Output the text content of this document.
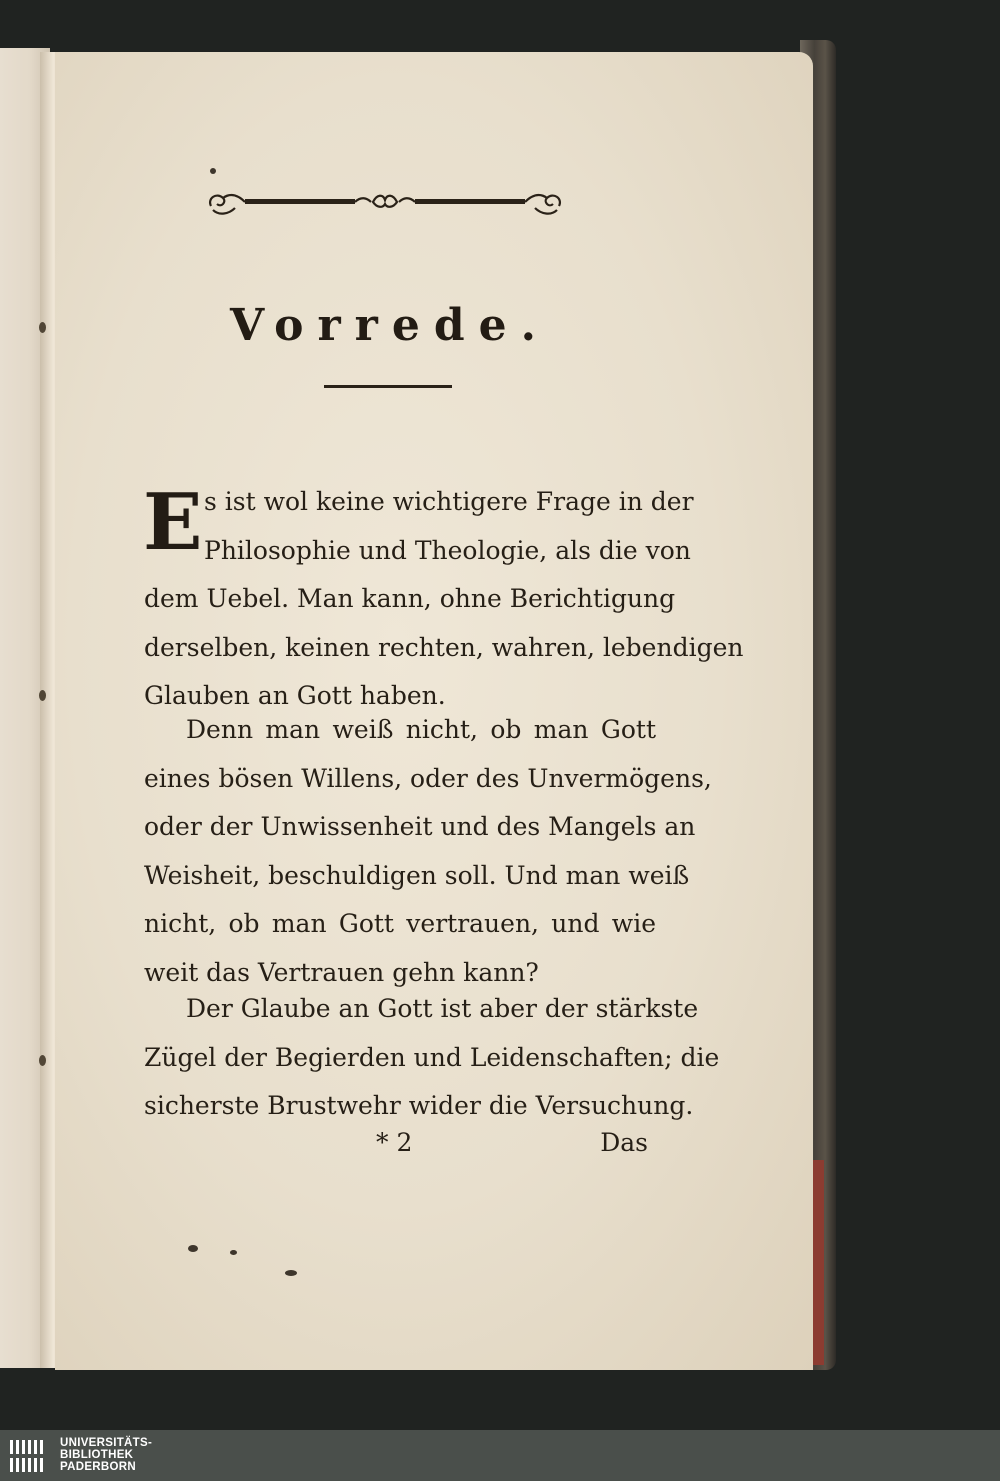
Vorrede.
E s ist wol keine wichtigere Frage in der
Philosophie und Theologie, als die von
dem Uebel. Man kann, ohne Berichtigung
derselben, keinen rechten, wahren, lebendigen
Glauben an Gott haben.
Denn man weiß nicht, ob man Gott
eines bösen Willens, oder des Unvermögens,
oder der Unwissenheit und des Mangels an
Weisheit, beschuldigen soll. Und man weiß
nicht, ob man Gott vertrauen, und wie
weit das Vertrauen gehn kann?
Der Glaube an Gott ist aber der stärkste
Zügel der Begierden und Leidenschaften; die
sicherste Brustwehr wider die Versuchung.
* 2	Das
UNIVERSITÄTS-
BIBLIOTHEK
PADERBORN
